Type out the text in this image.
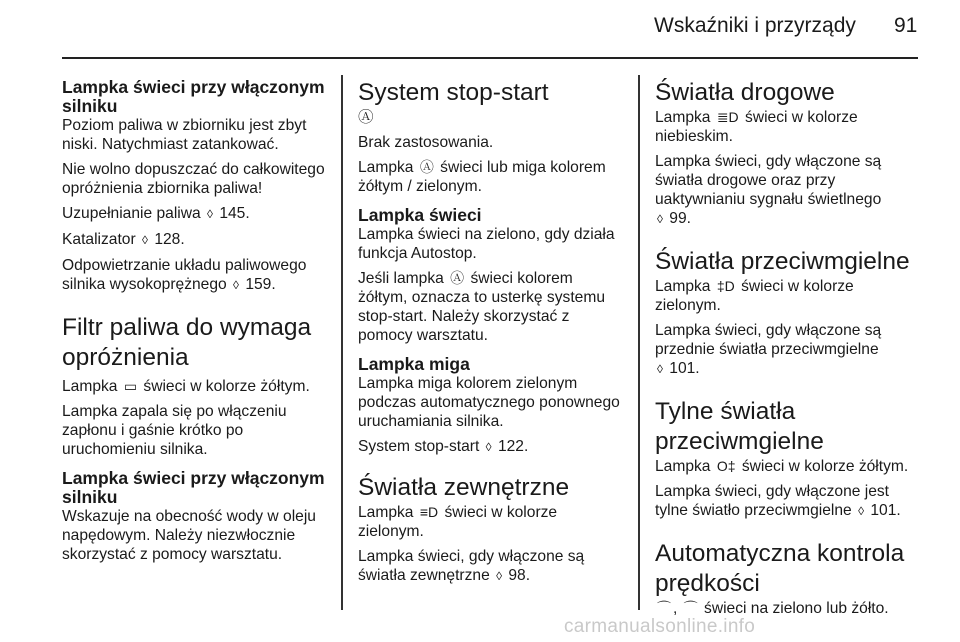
Wskaźniki i przyrządy 91
Lampka świeci przy włączonym silniku
Poziom paliwa w zbiorniku jest zbyt niski. Natychmiast zatankować.
Nie wolno dopuszczać do całkowitego opróżnienia zbiornika paliwa!
Uzupełnianie paliwa ◊ 145.
Katalizator ◊ 128.
Odpowietrzanie układu paliwowego silnika wysokoprężnego ◊ 159.
Filtr paliwa do wymaga opróżnienia
Lampka ▭ świeci w kolorze żółtym.
Lampka zapala się po włączeniu zapłonu i gaśnie krótko po uruchomieniu silnika.
Lampka świeci przy włączonym silniku
Wskazuje na obecność wody w oleju napędowym. Należy niezwłocznie skorzystać z pomocy warsztatu.
System stop-start
Ⓐ
Brak zastosowania.
Lampka Ⓐ świeci lub miga kolorem żółtym / zielonym.
Lampka świeci
Lampka świeci na zielono, gdy działa funkcja Autostop.
Jeśli lampka Ⓐ świeci kolorem żółtym, oznacza to usterkę systemu stop-start. Należy skorzystać z pomocy warsztatu.
Lampka miga
Lampka miga kolorem zielonym podczas automatycznego ponownego uruchamiania silnika.
System stop-start ◊ 122.
Światła zewnętrzne
Lampka ≡D świeci w kolorze zielonym.
Lampka świeci, gdy włączone są światła zewnętrzne ◊ 98.
Światła drogowe
Lampka ≣D świeci w kolorze niebieskim.
Lampka świeci, gdy włączone są światła drogowe oraz przy uaktywnianiu sygnału świetlnego
◊ 99.
Światła przeciwmgielne
Lampka ‡D świeci w kolorze zielonym.
Lampka świeci, gdy włączone są przednie światła przeciwmgielne
◊ 101.
Tylne światła przeciwmgielne
Lampka O‡ świeci w kolorze żółtym.
Lampka świeci, gdy włączone jest tylne światło przeciwmgielne ◊ 101.
Automatyczna kontrola prędkości
⌒ , ⌒ świeci na zielono lub żółto.
carmanualsonline.info
